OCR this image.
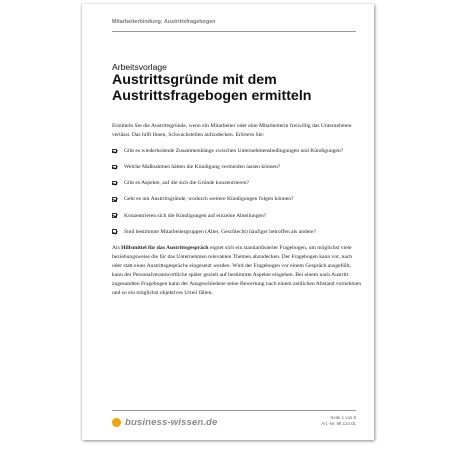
Mitarbeiterbindung: Austrittsfragebogen
Arbeitsvorlage
Austrittsgründe mit dem
Austrittsfragebogen ermitteln

Ermitteln Sie die Austrittsgründe, wenn ein Mitarbeiter oder eine Mitarbeiterin freiwillig das Unternehmen verlässt. Das hilft Ihnen, Schwachstellen aufzudecken. Erörtern Sie:

Gibt es wiederholende Zusammenhänge zwischen Unternehmensbedingungen und Kündigungen?
Welche Maßnahmen hätten die Kündigung vermeiden lassen können?
Gibt es Aspekte, auf die sich die Gründe konzentrieren?
Geht es um Austrittsgründe, wodurch weitere Kündigungen folgen können?
Konzentrieren sich die Kündigungen auf einzelne Abteilungen?
Sind bestimmte Mitarbeitergruppen (Alter, Geschlecht) häufiger betroffen als andere?

Als Hilfsmittel für das Austrittsgespräch eignet sich ein standardisierter Fragebogen, um möglichst viele beziehungsweise die für das Unternehmen relevanten Themen abzudecken. Der Fragebogen kann vor, nach oder statt eines Austrittsgesprächs eingesetzt werden. Wird der Fragebogen vor einem Gespräch ausgefüllt, kann der Personalverantwortliche später gezielt auf bestimmte Aspekte eingehen. Bei einem nach Austritt zugesandten Fragebogen kann der Ausgeschiedene seine Bewertung nach einem zeitlichen Abstand vornehmen und so ein möglichst objektives Urteil fällen.

business-wissen.de	Seite 1 von 8
Art.-Nr. 99.124.01
